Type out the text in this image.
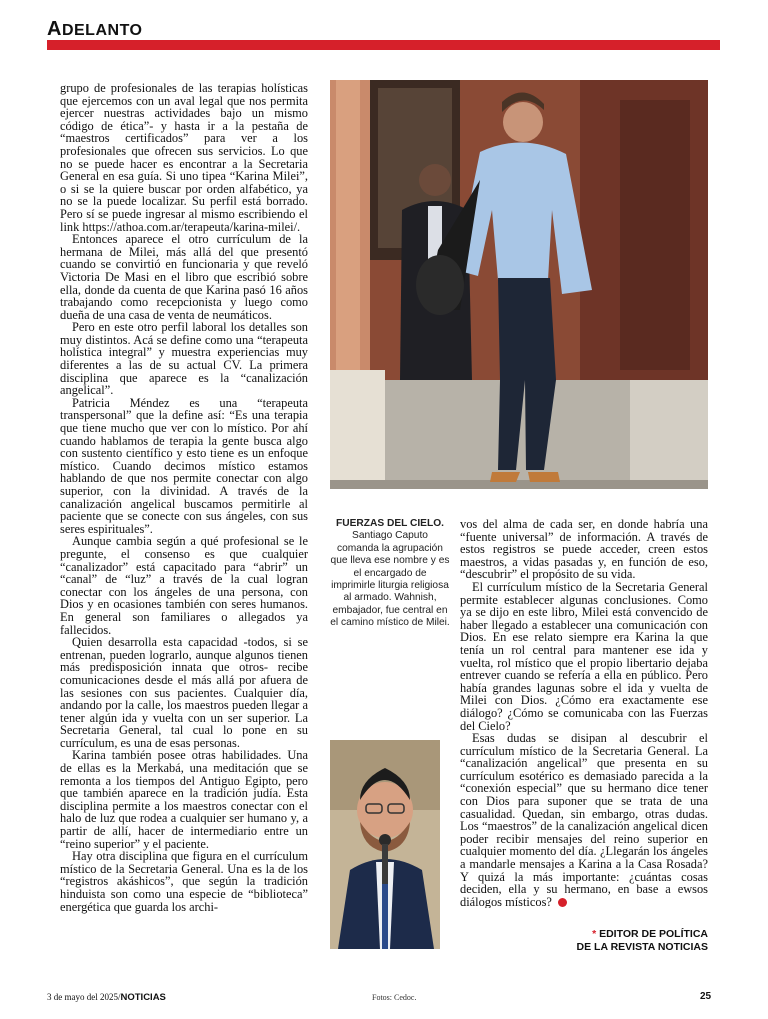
ADELANTO

grupo de profesionales de las terapias holísticas que ejercemos con un aval legal que nos permita ejercer nuestras actividades bajo un mismo código de ética”- y hasta ir a la pestaña de “maestros certificados” para ver a los profesionales que ofrecen sus servicios. Lo que no se puede hacer es encontrar a la Secretaria General en esa guía. Si uno tipea “Karina Milei”, o si se la quiere buscar por orden alfabético, ya no se la puede localizar. Su perfil está borrado. Pero sí se puede ingresar al mismo escribiendo el link https://athoa.com.ar/terapeuta/karina-milei/.

Entonces aparece el otro currículum de la hermana de Milei, más allá del que presentó cuando se convirtió en funcionaria y que reveló Victoria De Masi en el libro que escribió sobre ella, donde da cuenta de que Karina pasó 16 años trabajando como recepcionista y luego como dueña de una casa de venta de neumáticos.

Pero en este otro perfil laboral los detalles son muy distintos. Acá se define como una “terapeuta holística integral” y muestra experiencias muy diferentes a las de su actual CV. La primera disciplina que aparece es la “canalización angelical”.

Patricia Méndez es una “terapeuta transpersonal” que la define así: “Es una terapia que tiene mucho que ver con lo místico. Por ahí cuando hablamos de terapia la gente busca algo con sustento científico y esto tiene es un enfoque místico. Cuando decimos místico estamos hablando de que nos permite conectar con algo superior, con la divinidad. A través de la canalización angelical buscamos permitirle al paciente que se conecte con sus ángeles, con sus seres espirituales”.

Aunque cambia según a qué profesional se le pregunte, el consenso es que cualquier “canalizador” está capacitado para “abrir” un “canal” de “luz” a través de la cual logran conectar con los ángeles de una persona, con Dios y en ocasiones también con seres humanos. En general son familiares o allegados ya fallecidos.

Quien desarrolla esta capacidad -todos, si se entrenan, pueden lograrlo, aunque algunos tienen más predisposición innata que otros- recibe comunicaciones desde el más allá por afuera de las sesiones con sus pacientes. Cualquier día, andando por la calle, los maestros pueden llegar a tener algún ida y vuelta con un ser superior. La Secretaria General, tal cual lo pone en su currículum, es una de esas personas.

Karina también posee otras habilidades. Una de ellas es la Merkabá, una meditación que se remonta a los tiempos del Antiguo Egipto, pero que también aparece en la tradición judía. Esta disciplina permite a los maestros conectar con el halo de luz que rodea a cualquier ser humano y, a partir de allí, hacer de intermediario entre un “reino superior” y el paciente.

Hay otra disciplina que figura en el currículum místico de la Secretaria General. Una es la de los “registros akáshicos”, que según la tradición hinduista son como una especie de “biblioteca” energética que guarda los archi-

FUERZAS DEL CIELO. Santiago Caputo comanda la agrupación que lleva ese nombre y es el encargado de imprimirle liturgia religiosa al armado. Wahnish, embajador, fue central en el camino místico de Milei.

vos del alma de cada ser, en donde habría una “fuente universal” de información. A través de estos registros se puede acceder, creen estos maestros, a vidas pasadas y, en función de eso, “descubrir” el propósito de su vida.

El currículum místico de la Secretaria General permite establecer algunas conclusiones. Como ya se dijo en este libro, Milei está convencido de haber llegado a establecer una comunicación con Dios. En ese relato siempre era Karina la que tenía un rol central para mantener ese ida y vuelta, rol místico que el propio libertario dejaba entrever cuando se refería a ella en público. Pero había grandes lagunas sobre el ida y vuelta de Milei con Dios. ¿Cómo era exactamente ese diálogo? ¿Cómo se comunicaba con las Fuerzas del Cielo?

Esas dudas se disipan al descubrir el currículum místico de la Secretaria General. La “canalización angelical” que presenta en su currículum esotérico es demasiado parecida a la “conexión especial” que su hermano dice tener con Dios para suponer que se trata de una casualidad. Quedan, sin embargo, otras dudas. Los “maestros” de la canalización angelical dicen poder recibir mensajes del reino superior en cualquier momento del día. ¿Llegarán los ángeles a mandarle mensajes a Karina a la Casa Rosada? Y quizá la más importante: ¿cuántas cosas deciden, ella y su hermano, en base a ewsos diálogos místicos?

* EDITOR DE POLÍTICA
DE LA REVISTA NOTICIAS
3 de mayo del 2025/NOTICIAS	Fotos: Cedoc.	25
